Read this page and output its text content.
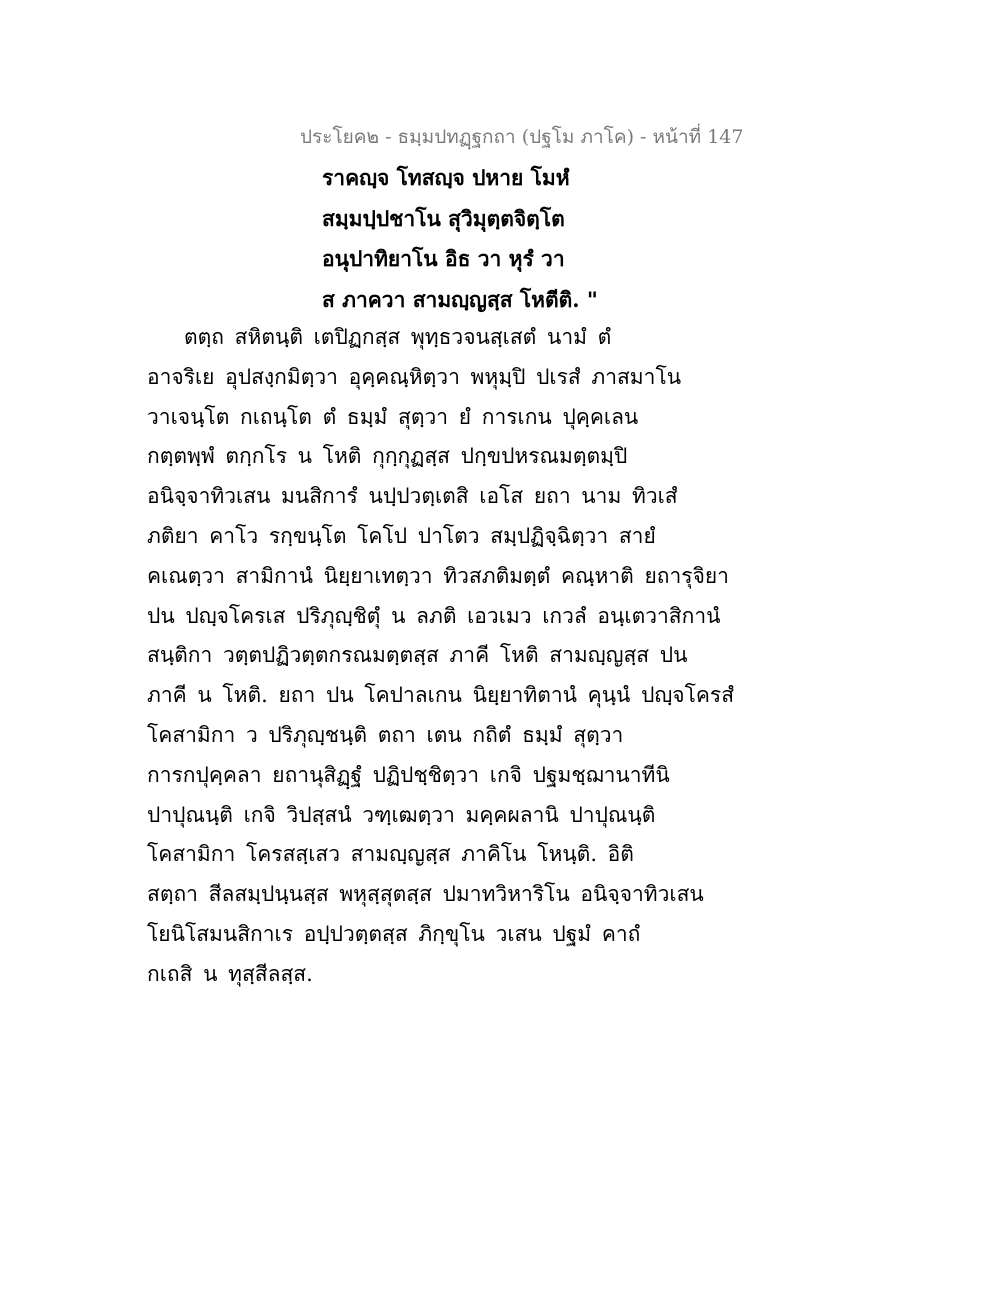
ประโยค๒ - ธมฺมปทฏฺฐกถา (ปฐโม ภาโค) - หน้าที่ 147
ราคญฺจ โทสญฺจ ปหาย โมหํ
สมฺมปฺปชาโน สุวิมุตฺตจิตฺโต
อนุปาทิยาโน อิธ วา หุรํ วา
ส ภาควา สามญฺญสฺส โหตีติ. "
ตตฺถ สหิตนฺติ เตปิฏกสฺส พุทฺธวจนสฺเสตํ นามํ ตํ
อาจริเย อุปสงฺกมิตฺวา อุคฺคณฺหิตฺวา พหุมฺปิ ปเรสํ ภาสมาโน
วาเจนฺโต กเถนฺโต ตํ ธมฺมํ สุตฺวา ยํ การเกน ปุคฺคเลน
กตฺตพฺพํ ตกฺกโร น โหติ กุกฺกุฏสฺส ปกฺขปหรณมตฺตมฺปิ
อนิจฺจาทิวเสน มนสิการํ นปฺปวตฺเตสิ เอโส ยถา นาม ทิวเสํ
ภติยา คาโว รกฺขนฺโต โคโป ปาโตว สมฺปฏิจฺฉิตฺวา สายํ
คเณตฺวา สามิกานํ นิยฺยาเทตฺวา ทิวสภติมตฺตํ คณฺหาติ ยถารุจิยา
ปน ปญฺจโครเส ปริภุญฺชิตุํ น ลภติ เอวเมว เกวลํ อนฺเตวาสิกานํ
สนฺติกา วตฺตปฏิวตฺตกรณมตฺตสฺส ภาคี โหติ สามญฺญสฺส ปน
ภาคี น โหติ. ยถา ปน โคปาลเกน นิยฺยาทิตานํ คุนฺนํ ปญฺจโครสํ
โคสามิกา ว ปริภุญฺชนฺติ ตถา เตน กถิตํ ธมฺมํ สุตฺวา
การกปุคฺคลา ยถานุสิฏฺฐํ ปฏิปชฺชิตฺวา เกจิ ปฐมชฺฌานาทีนิ
ปาปุณนฺติ เกจิ วิปสฺสนํ วฑฺเฒตฺวา มคฺคผลานิ ปาปุณนฺติ
โคสามิกา โครสสฺเสว สามญฺญสฺส ภาคิโน โหนฺติ. อิติ
สตฺถา สีลสมฺปนฺนสฺส พหุสฺสุตสฺส ปมาทวิหาริโน อนิจฺจาทิวเสน
โยนิโสมนสิกาเร อปฺปวตฺตสฺส ภิกฺขุโน วเสน ปฐมํ คาถํ
กเถสิ น ทุสฺสีลสฺส.
